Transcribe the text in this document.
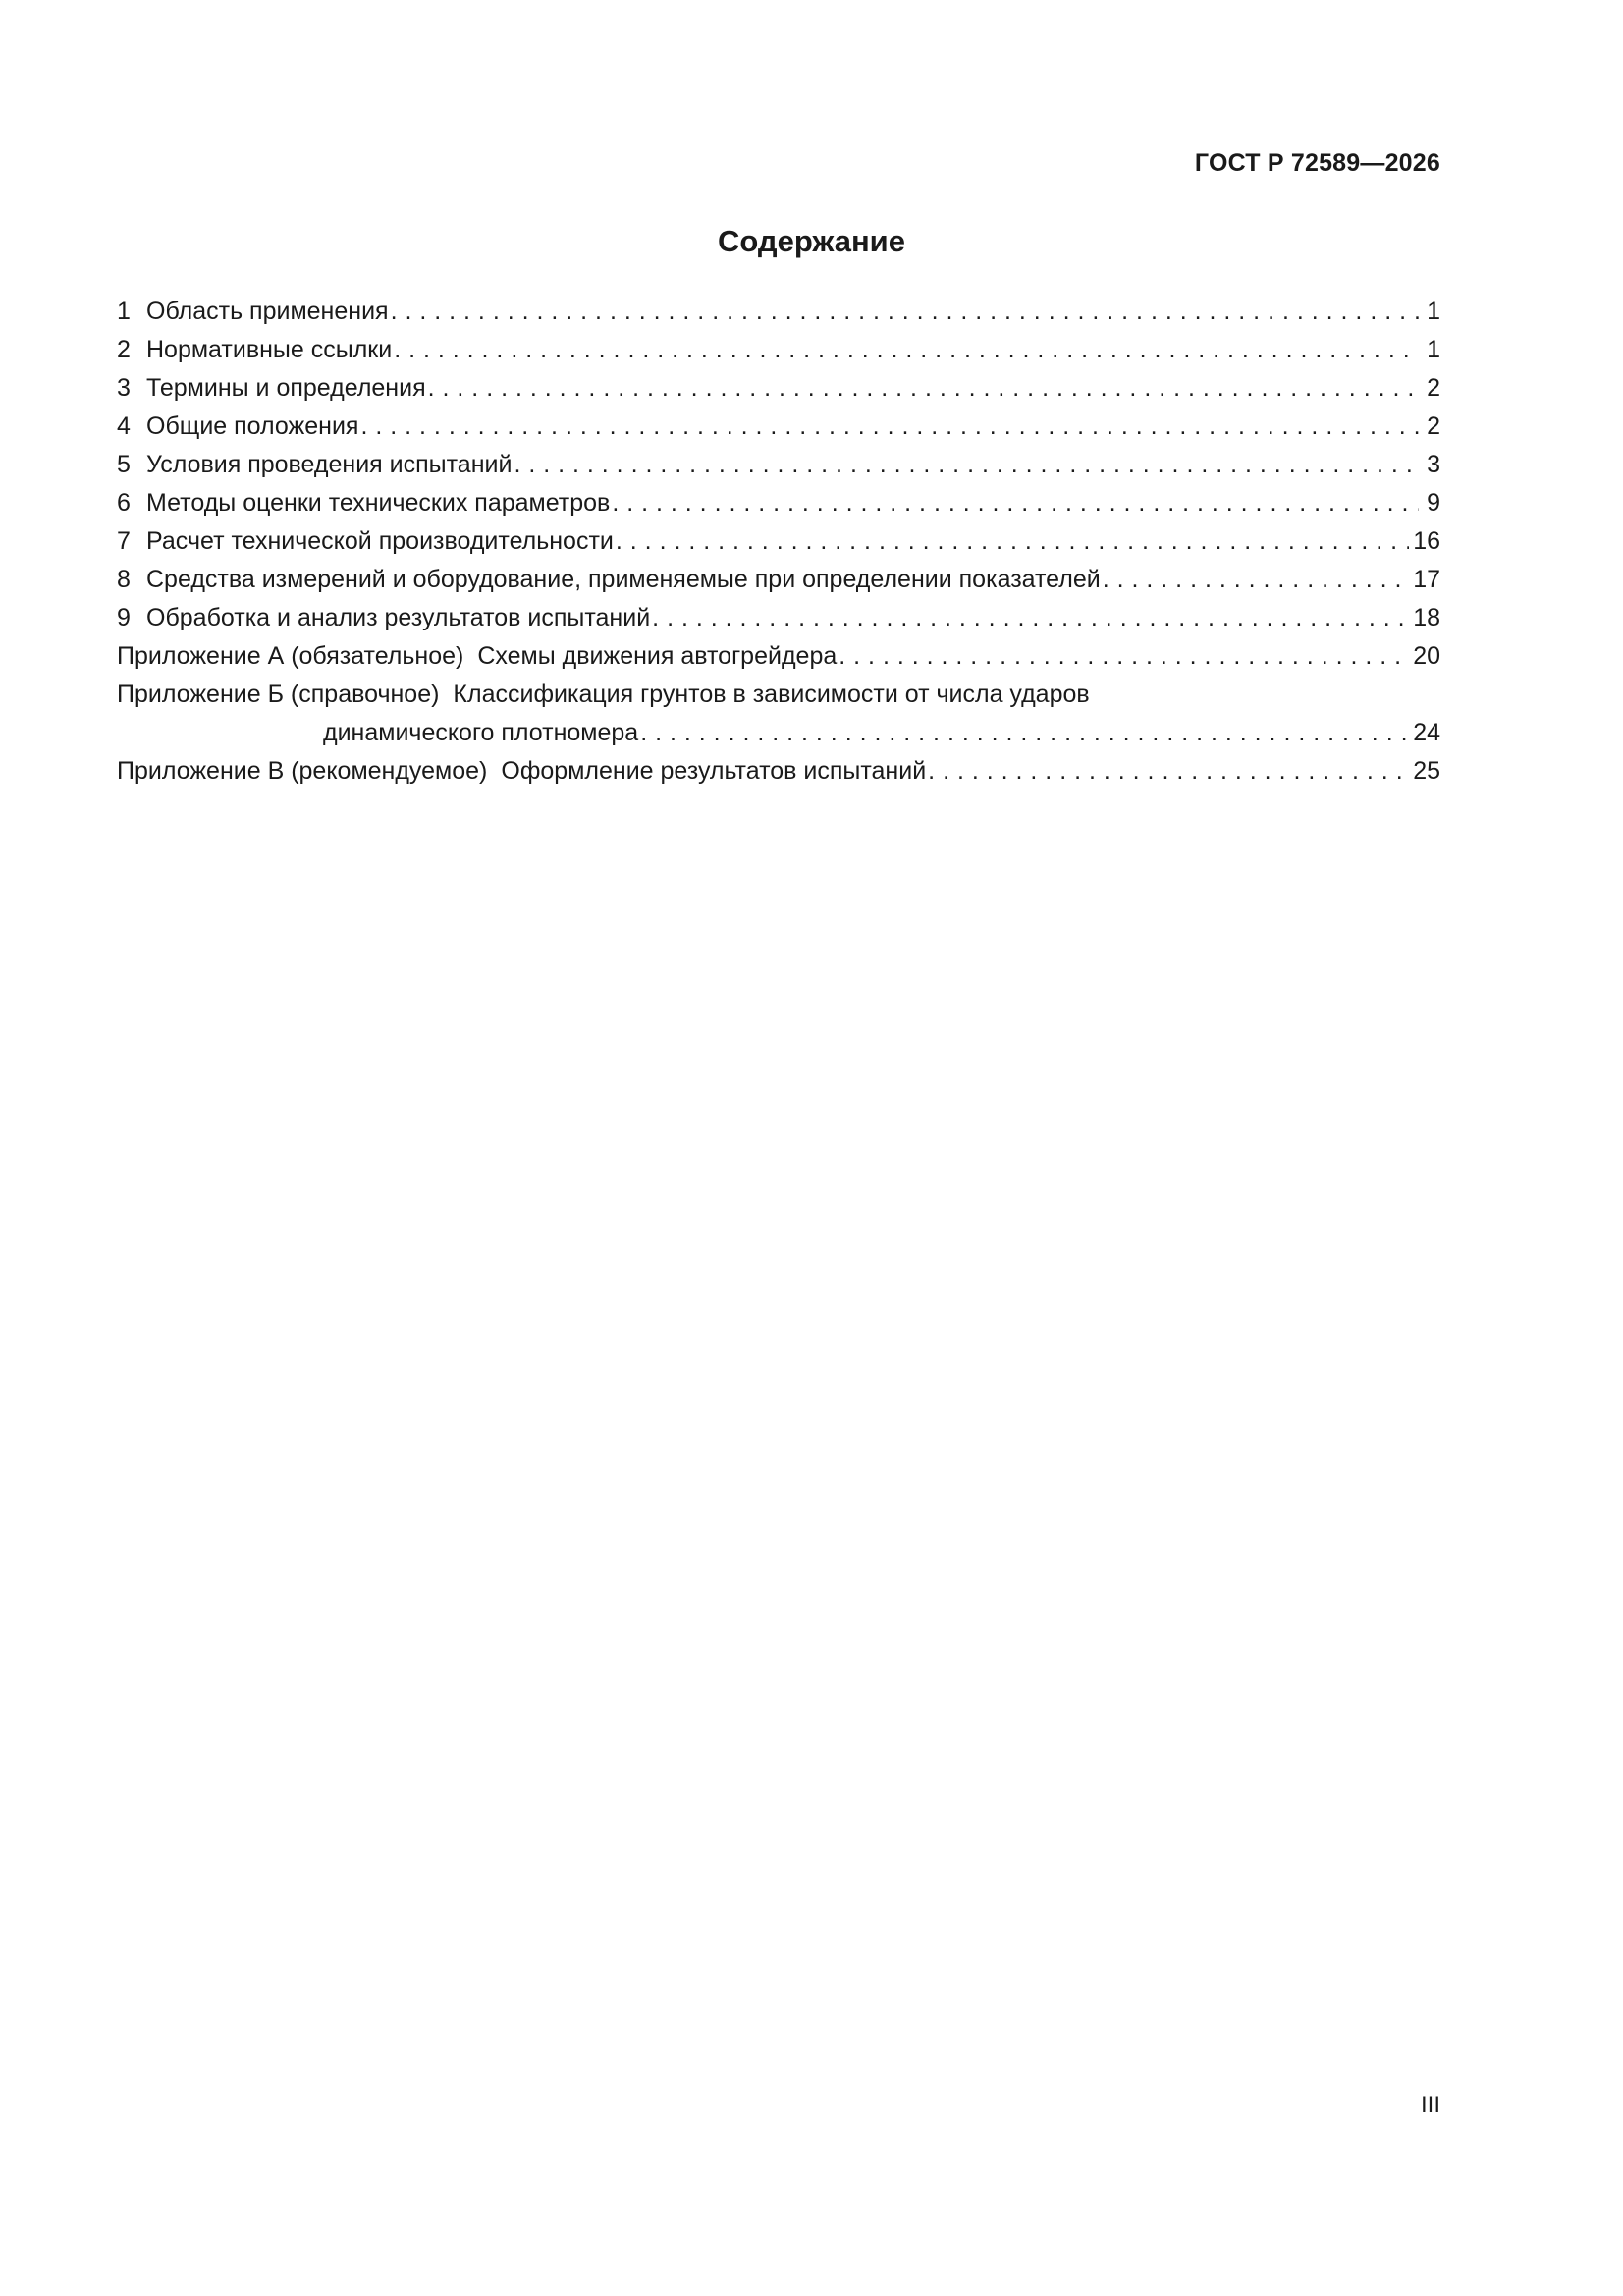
ГОСТ Р 72589—2026
Содержание
1 Область применения . . .	1
2 Нормативные ссылки . . .	1
3 Термины и определения . . .	2
4 Общие положения . . .	2
5 Условия проведения испытаний . . .	3
6 Методы оценки технических параметров . . .	9
7 Расчет технической производительности . . .	16
8 Средства измерений и оборудование, применяемые при определении показателей . . .	17
9 Обработка и анализ результатов испытаний . . .	18
Приложение А (обязательное) Схемы движения автогрейдера . . .	20
Приложение Б (справочное) Классификация грунтов в зависимости от числа ударов
динамического плотномера . . .	24
Приложение В (рекомендуемое) Оформление результатов испытаний . . .	25
III
